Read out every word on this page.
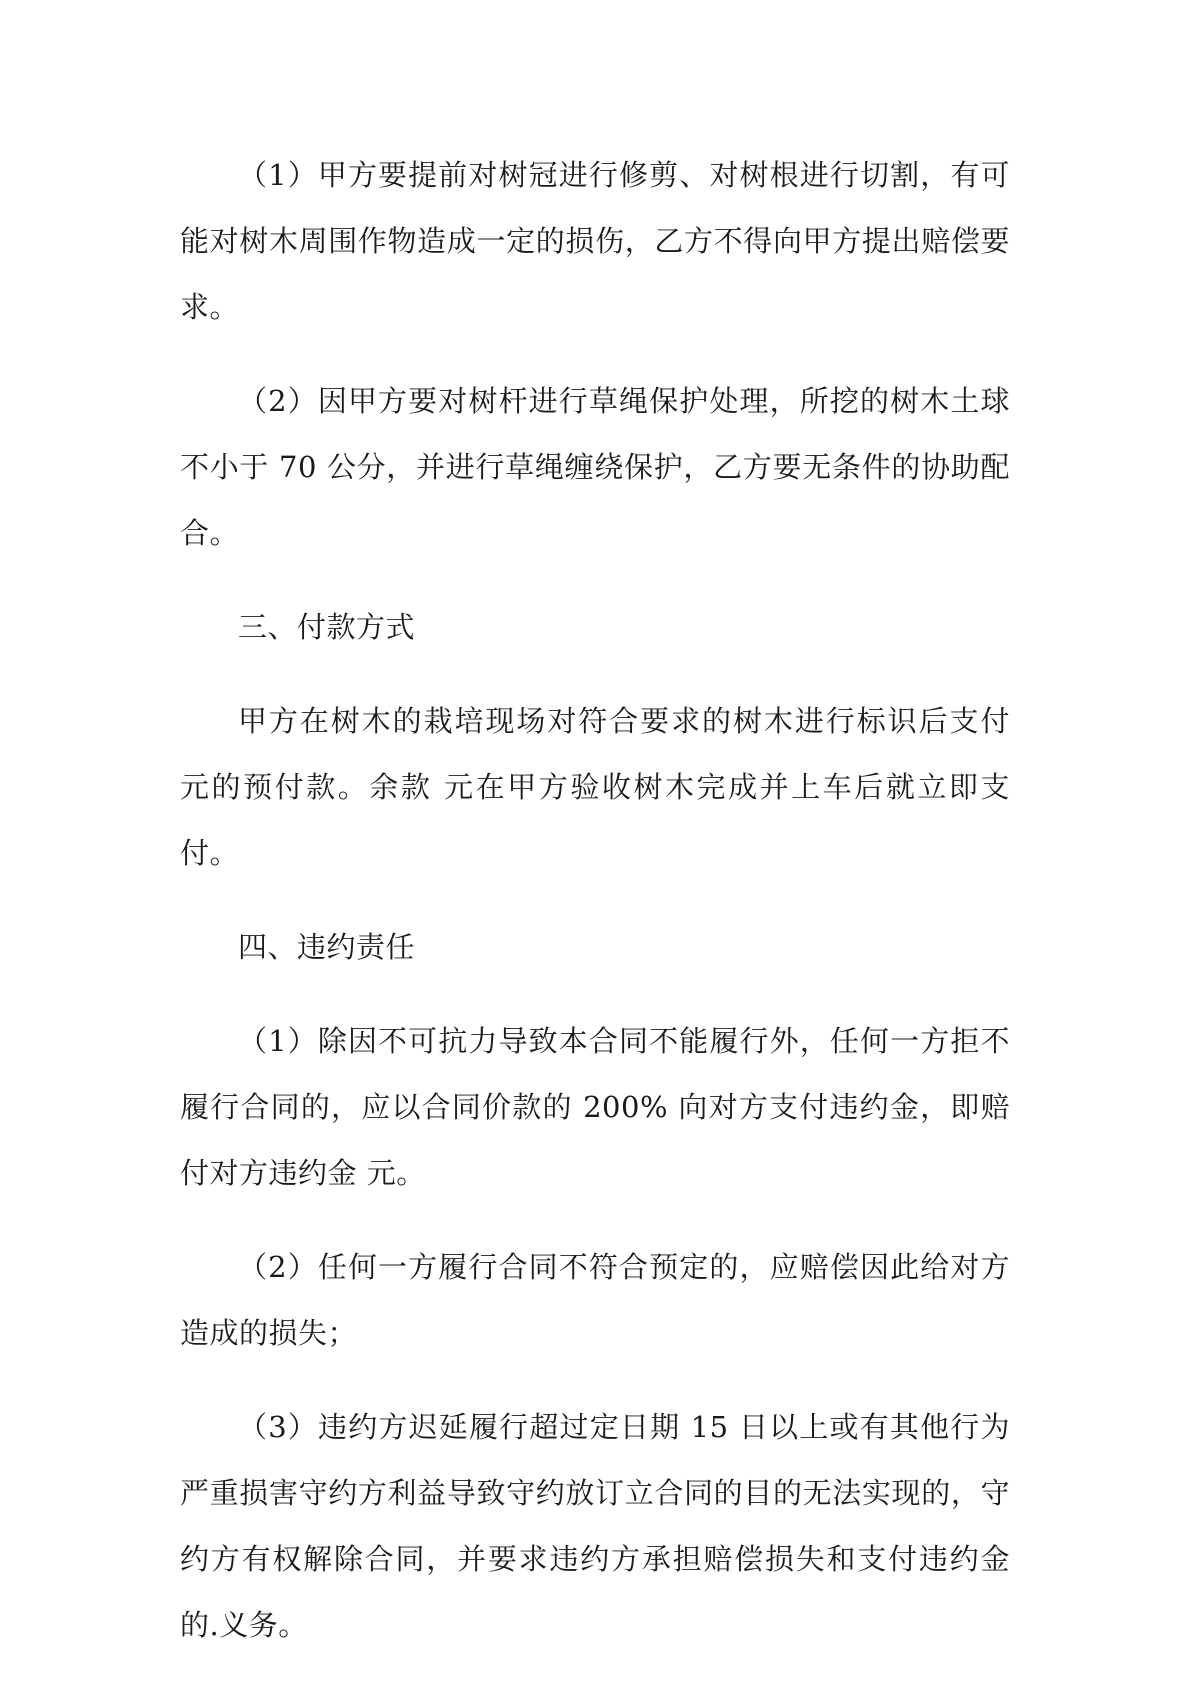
（1）甲方要提前对树冠进行修剪、对树根进行切割，有可能对树木周围作物造成一定的损伤，乙方不得向甲方提出赔偿要求。

（2）因甲方要对树杆进行草绳保护处理，所挖的树木土球不小于 70 公分，并进行草绳缠绕保护，乙方要无条件的协助配合。

三、付款方式

甲方在树木的栽培现场对符合要求的树木进行标识后支付 元的预付款。余款 元在甲方验收树木完成并上车后就立即支付。

四、违约责任

（1）除因不可抗力导致本合同不能履行外，任何一方拒不履行合同的，应以合同价款的 200% 向对方支付违约金，即赔付对方违约金 元。

（2）任何一方履行合同不符合预定的，应赔偿因此给对方造成的损失；

（3）违约方迟延履行超过定日期 15 日以上或有其他行为严重损害守约方利益导致守约放订立合同的目的无法实现的，守约方有权解除合同，并要求违约方承担赔偿损失和支付违约金的.义务。
